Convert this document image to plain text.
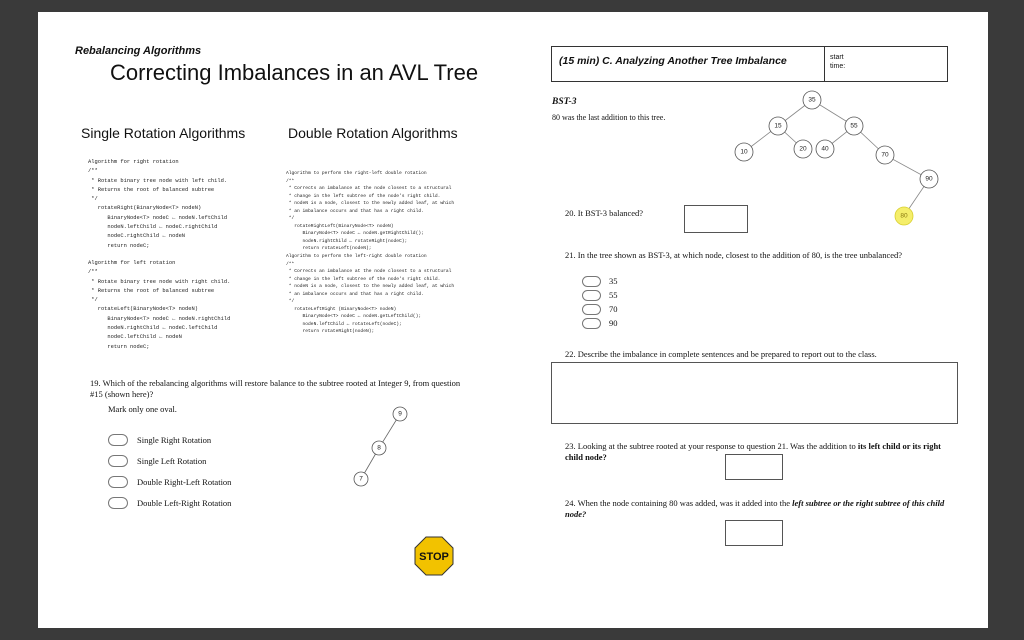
Rebalancing Algorithms
Correcting Imbalances in an AVL Tree
Single Rotation Algorithms	Double Rotation Algorithms
Algorithm for right rotation
/**
* Rotate binary tree node with left child.
* Returns the root of balanced subtree
*/
rotateRight(BinaryNode<T> nodeN)
BinaryNode<T> nodeC ← nodeN.leftChild
nodeN.leftChild ← nodeC.rightChild
nodeC.rightChild ← nodeN
return nodeC;
Algorithm for left rotation
/**
* Rotate binary tree node with right child.
* Returns the root of balanced subtree
*/
rotateLeft(BinaryNode<T> nodeN)
BinaryNode<T> nodeC ← nodeN.rightChild
nodeN.rightChild ← nodeC.leftChild
nodeC.leftChild ← nodeN
return nodeC;
Algorithm to perform the right-left double rotation
/**
* Corrects an imbalance at the node closest to a structural
* change in the left subtree of the node's right child.
* nodeN is a node, closest to the newly added leaf, at which
* an imbalance occurs and that has a right child.
*/
rotateRightLeft(BinaryNode<T> nodeN)
BinaryNode<T> nodeC ← nodeN.getRightChild();
nodeN.rightChild ← rotateRight(nodeC);
return rotateLeft(nodeN);
Algorithm to perform the left-right double rotation
/**
* Corrects an imbalance at the node closest to a structural
* change in the left subtree of the node's right child.
* nodeN is a node, closest to the newly added leaf, at which
* an imbalance occurs and that has a right child.
*/
rotateLeftRight (BinaryNode<T> nodeN)
BinaryNode<T> nodeC ← nodeN.getLeftChild();
nodeN.leftChild ← rotateLeft(nodeC);
return rotateRight(nodeN);
19. Which of the rebalancing algorithms will restore balance to the subtree rooted at Integer 9, from question #15 (shown here)?
Mark only one oval.
Single Right Rotation
Single Left Rotation
Double Right-Left Rotation
Double Left-Right Rotation
9
8
7
STOP
(15 min) C. Analyzing Another Tree Imbalance	start
time:
BST-3
80 was the last addition to this tree.
35
15	55
10	20 40
70
90
80
20. It BST-3 balanced?
21. In the tree shown as BST-3, at which node, closest to the addition of 80, is the tree unbalanced?
35
55
70
90
22. Describe the imbalance in complete sentences and be prepared to report out to the class.
23. Looking at the subtree rooted at your response to question 21. Was the addition to its left child or its right child node?
24. When the node containing 80 was added, was it added into the left subtree or the right subtree of this child node?
